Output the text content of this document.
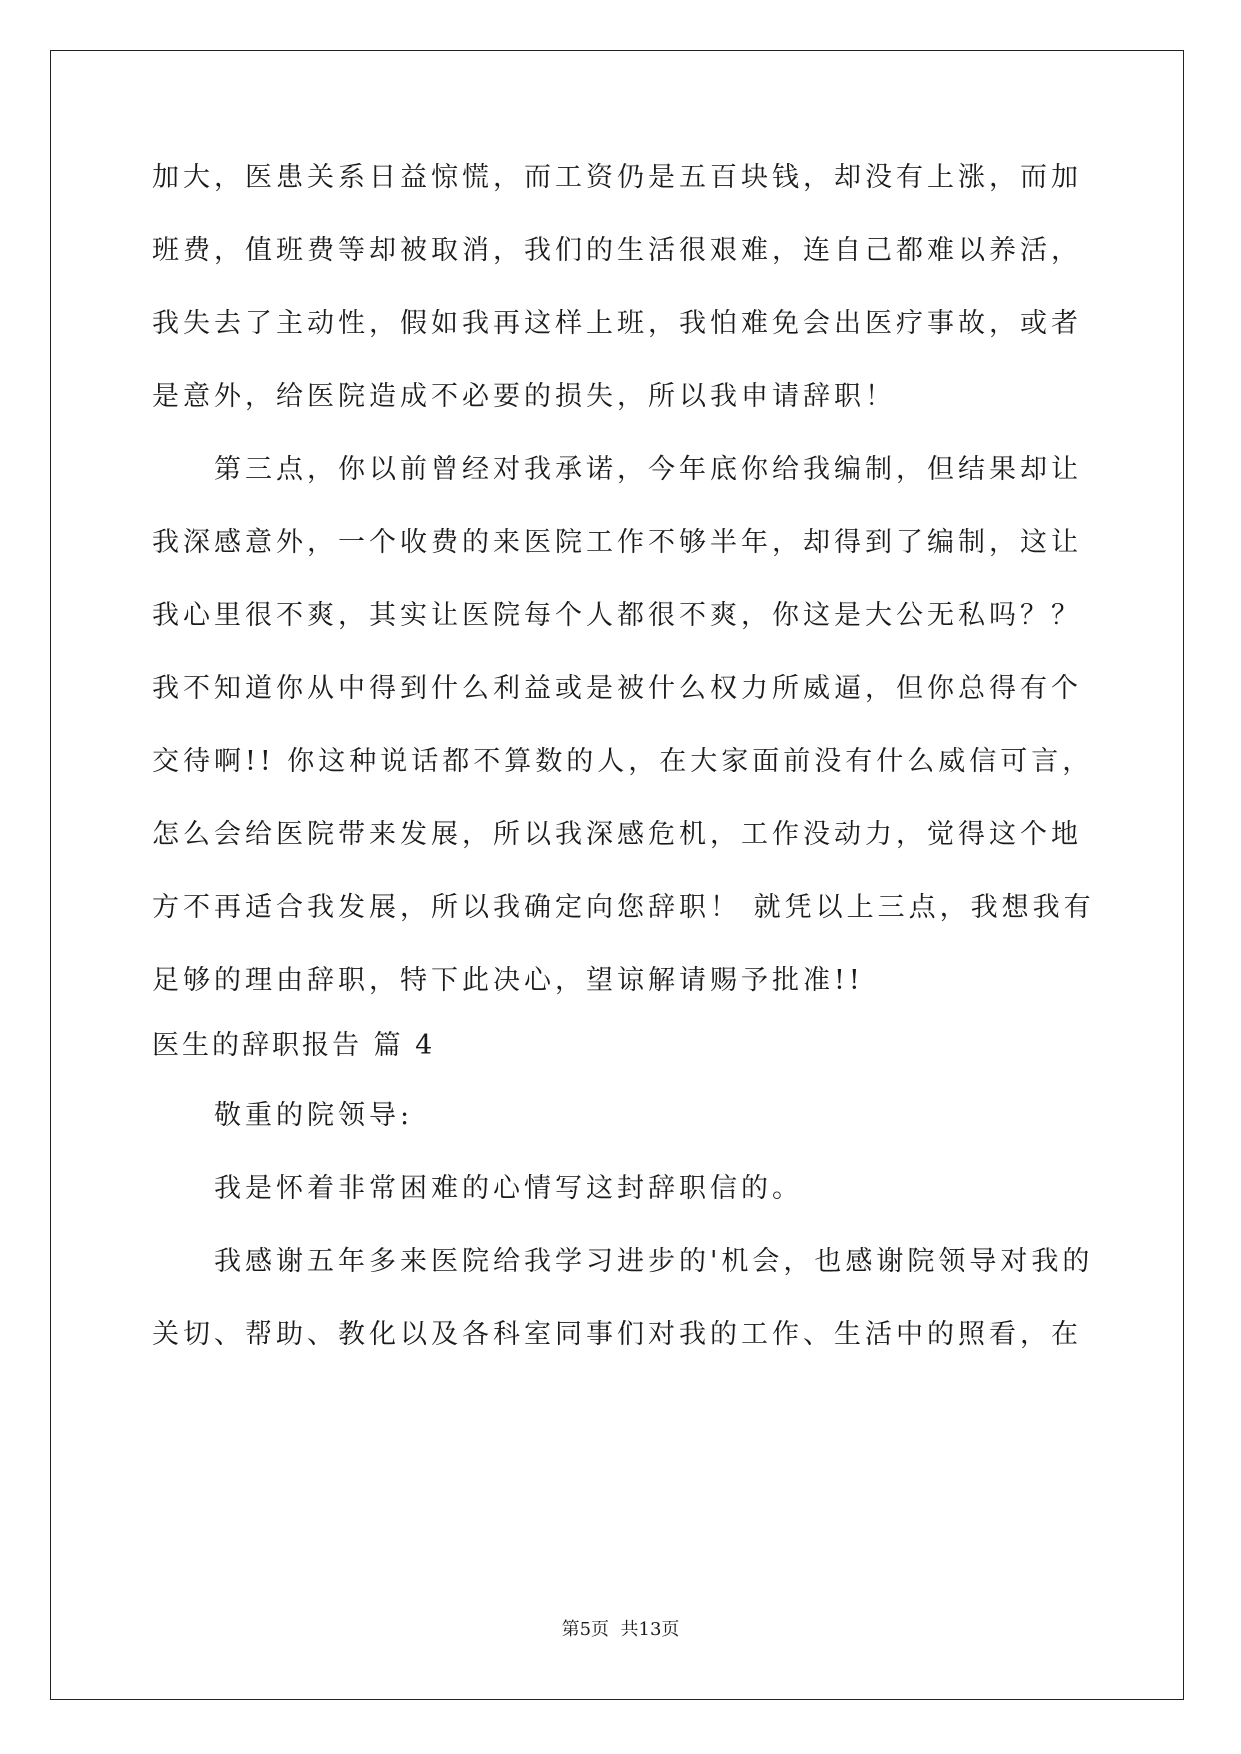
加大，医患关系日益惊慌，而工资仍是五百块钱，却没有上涨，而加
班费，值班费等却被取消，我们的生活很艰难，连自己都难以养活，
我失去了主动性，假如我再这样上班，我怕难免会出医疗事故，或者
是意外，给医院造成不必要的损失，所以我申请辞职！
第三点，你以前曾经对我承诺，今年底你给我编制，但结果却让
我深感意外，一个收费的来医院工作不够半年，却得到了编制，这让
我心里很不爽，其实让医院每个人都很不爽，你这是大公无私吗？？
我不知道你从中得到什么利益或是被什么权力所威逼，但你总得有个
交待啊!! 你这种说话都不算数的人，在大家面前没有什么威信可言，
怎么会给医院带来发展，所以我深感危机，工作没动力，觉得这个地
方不再适合我发展，所以我确定向您辞职！ 就凭以上三点，我想我有
足够的理由辞职，特下此决心，望谅解请赐予批准!!
医生的辞职报告 篇 4
敬重的院领导:
我是怀着非常困难的心情写这封辞职信的。
我感谢五年多来医院给我学习进步的'机会，也感谢院领导对我的
关切、帮助、教化以及各科室同事们对我的工作、生活中的照看，在
第5页  共13页
